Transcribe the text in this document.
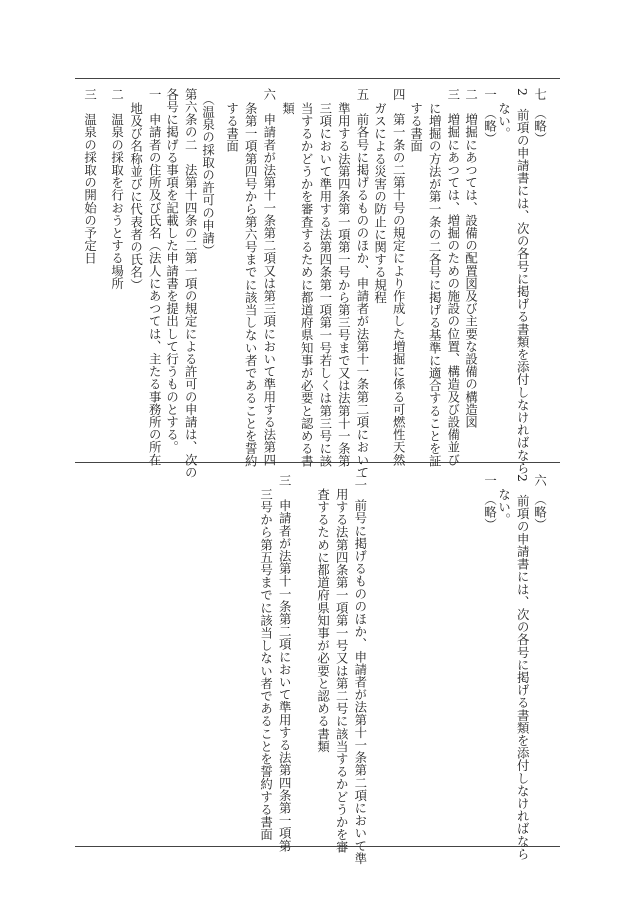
七　（略）
2　前項の申請書には、次の各号に掲げる書類を添付しなければなら
ない。
一　（略）
二　増掘にあつては、設備の配置図及び主要な設備の構造図
三　増掘にあつては、増掘のための施設の位置、構造及び設備並び
に増掘の方法が第一条の二各号に掲げる基準に適合することを証
する書面
四　第一条の二第十号の規定により作成した増掘に係る可燃性天然
ガスによる災害の防止に関する規程
五　前各号に掲げるもののほか、申請者が法第十一条第二項において
準用する法第四条第一項第一号から第三号まで又は法第十一条第
三項において準用する法第四条第一項第一号若しくは第三号に該
当するかどうかを審査するために都道府県知事が必要と認める書
類
六　申請者が法第十一条第二項又は第三項において準用する法第四
条第一項第四号から第六号までに該当しない者であることを誓約
する書面
（温泉の採取の許可の申請）
第六条の二　法第十四条の二第一項の規定による許可の申請は、次の
各号に掲げる事項を記載した申請書を提出して行うものとする。
一　申請者の住所及び氏名（法人にあつては、主たる事務所の所在
地及び名称並びに代表者の氏名）
二　温泉の採取を行おうとする場所
三　温泉の採取の開始の予定日
六　（略）
2　前項の申請書には、次の各号に掲げる書類を添付しなければなら
ない。
一　（略）
二　前号に掲げるもののほか、申請者が法第十一条第二項において準
用する法第四条第一項第一号又は第二号に該当するかどうかを審
査するために都道府県知事が必要と認める書類
三　申請者が法第十一条第二項において準用する法第四条第一項第
三号から第五号までに該当しない者であることを誓約する書面
